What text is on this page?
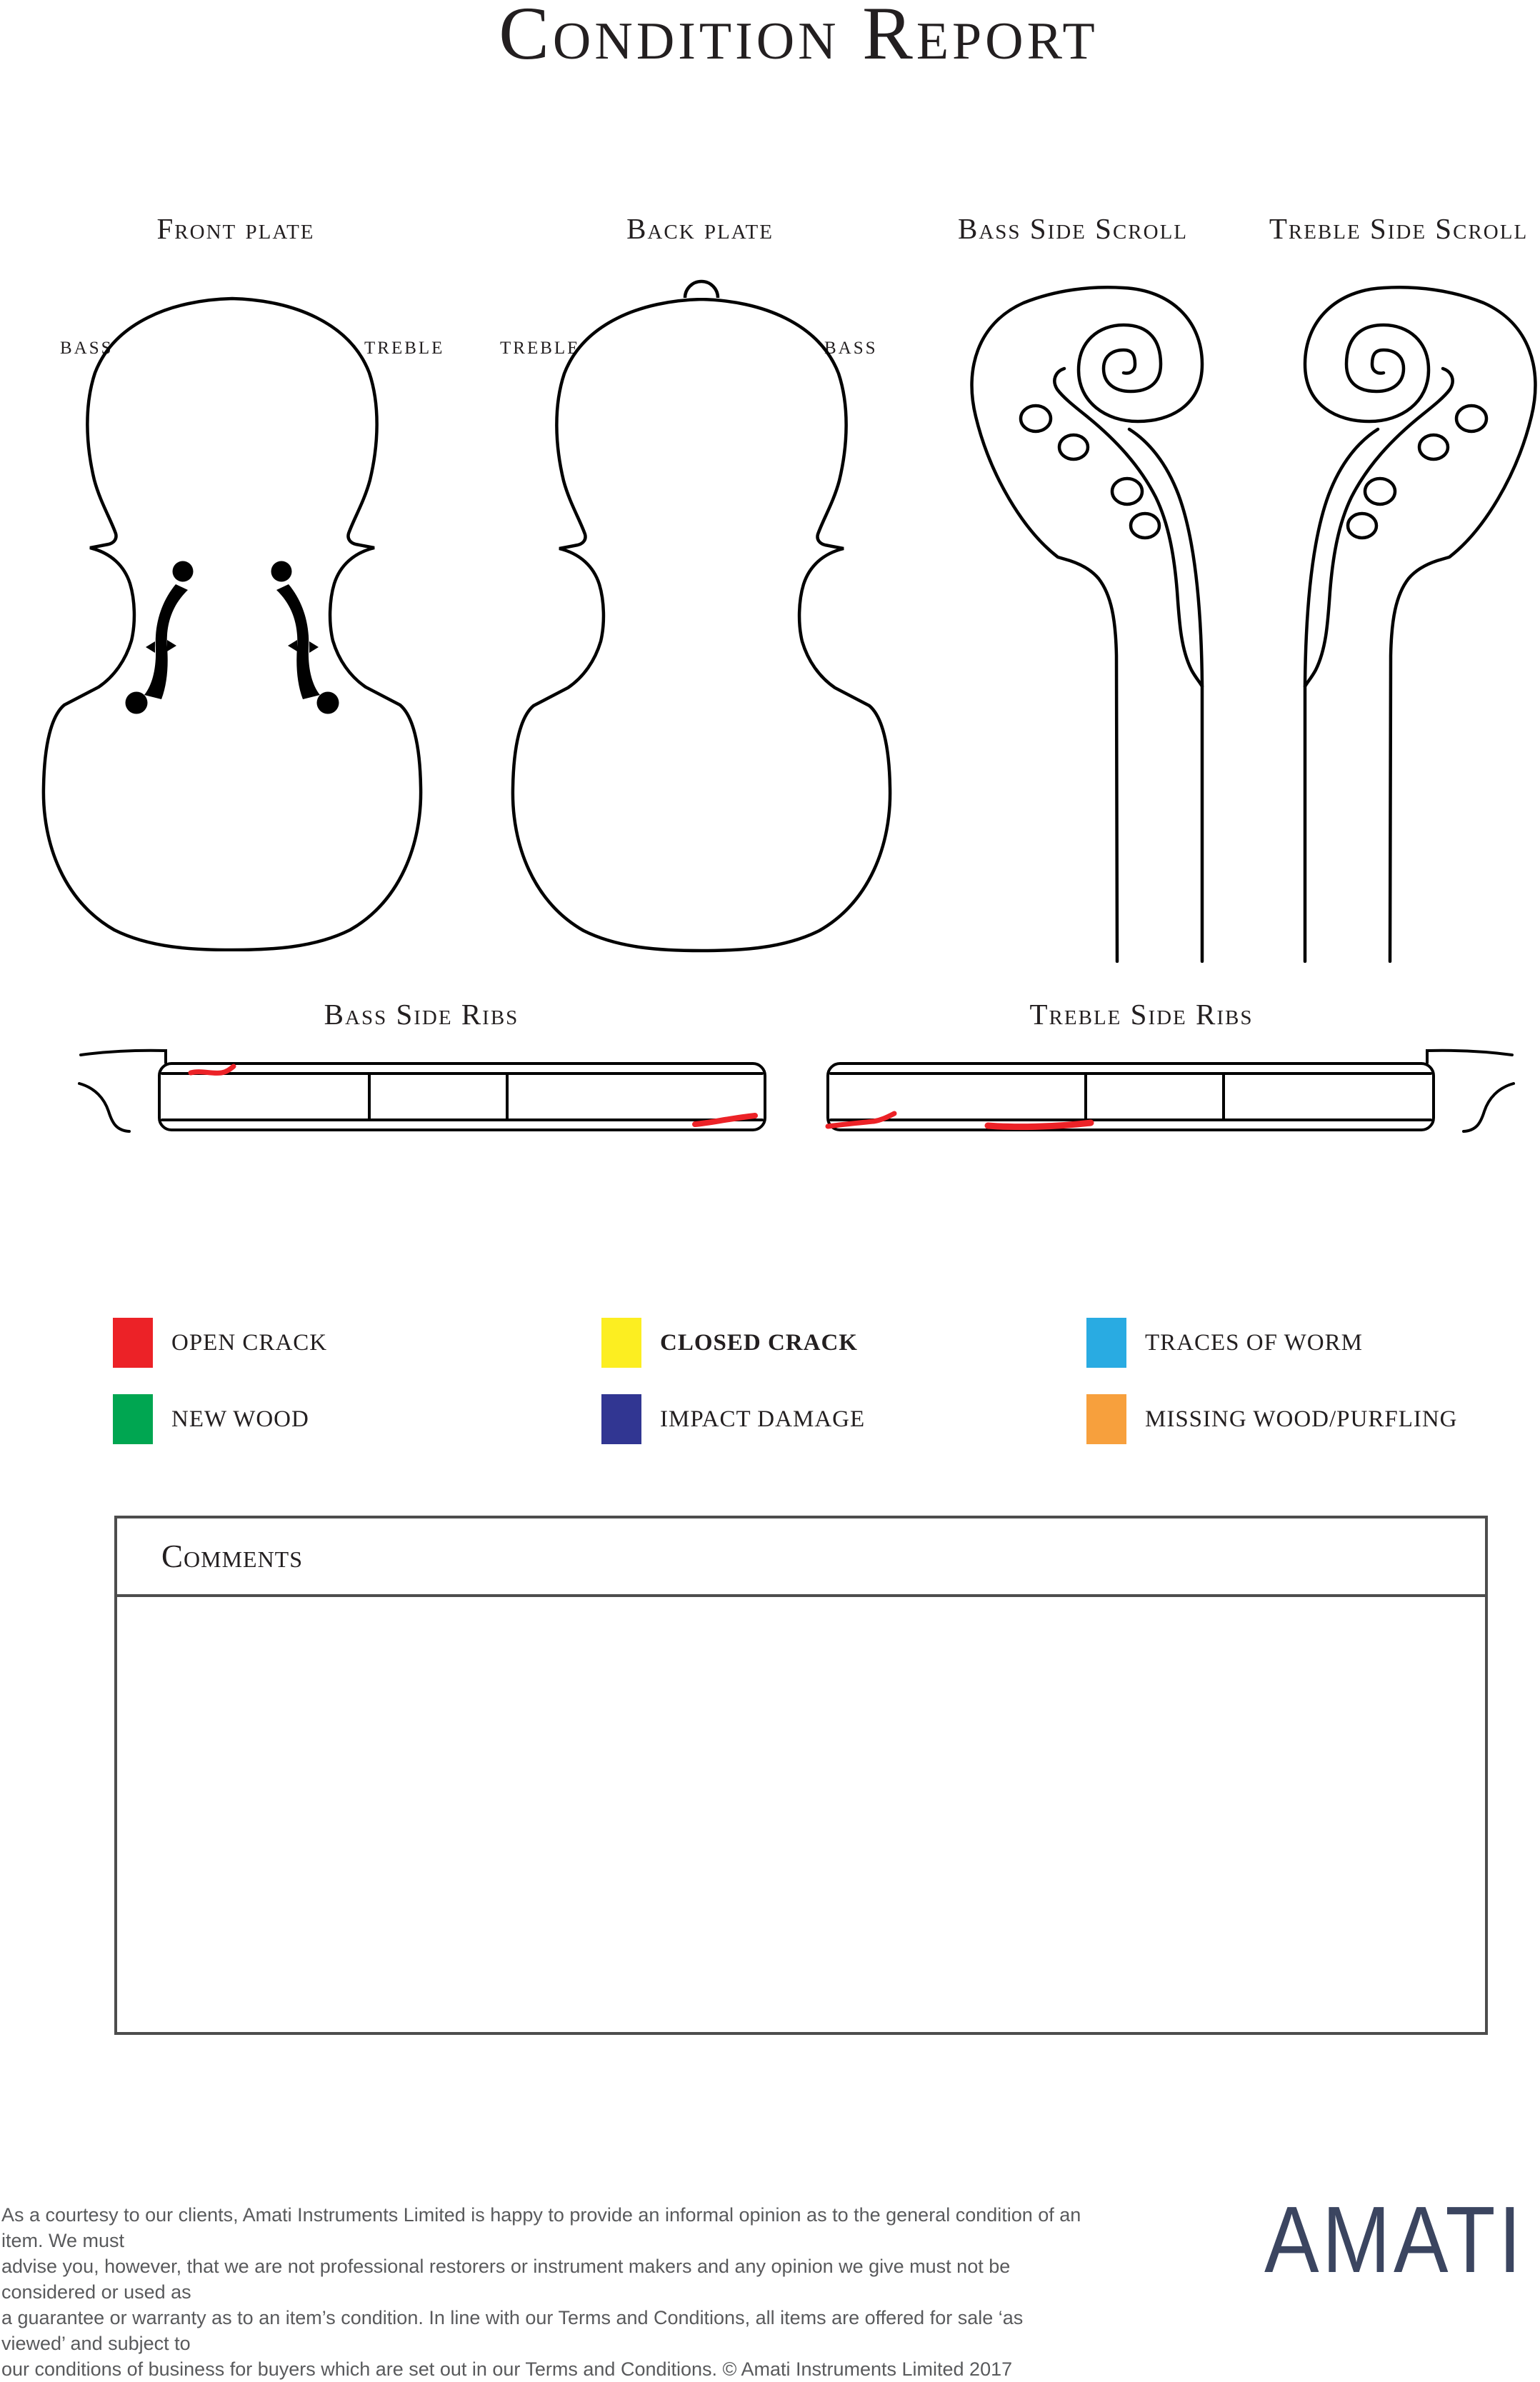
Condition Report
Front plate	Back plate	Bass Side Scroll	Treble Side Scroll
BASS	TREBLE	TREBLE	BASS
Bass Side Ribs	Treble Side Ribs
OPEN CRACK	CLOSED CRACK	TRACES OF WORM
NEW WOOD	IMPACT DAMAGE	MISSING WOOD/PURFLING
Comments
As a courtesy to our clients, Amati Instruments Limited is happy to provide an informal opinion as to the general condition of an item. We must
advise you, however, that we are not professional restorers or instrument makers and any opinion we give must not be considered or used as
a guarantee or warranty as to an item’s condition. In line with our Terms and Conditions, all items are offered for sale ‘as viewed’ and subject to
our conditions of business for buyers which are set out in our Terms and Conditions. © Amati Instruments Limited 2017
AMATI
